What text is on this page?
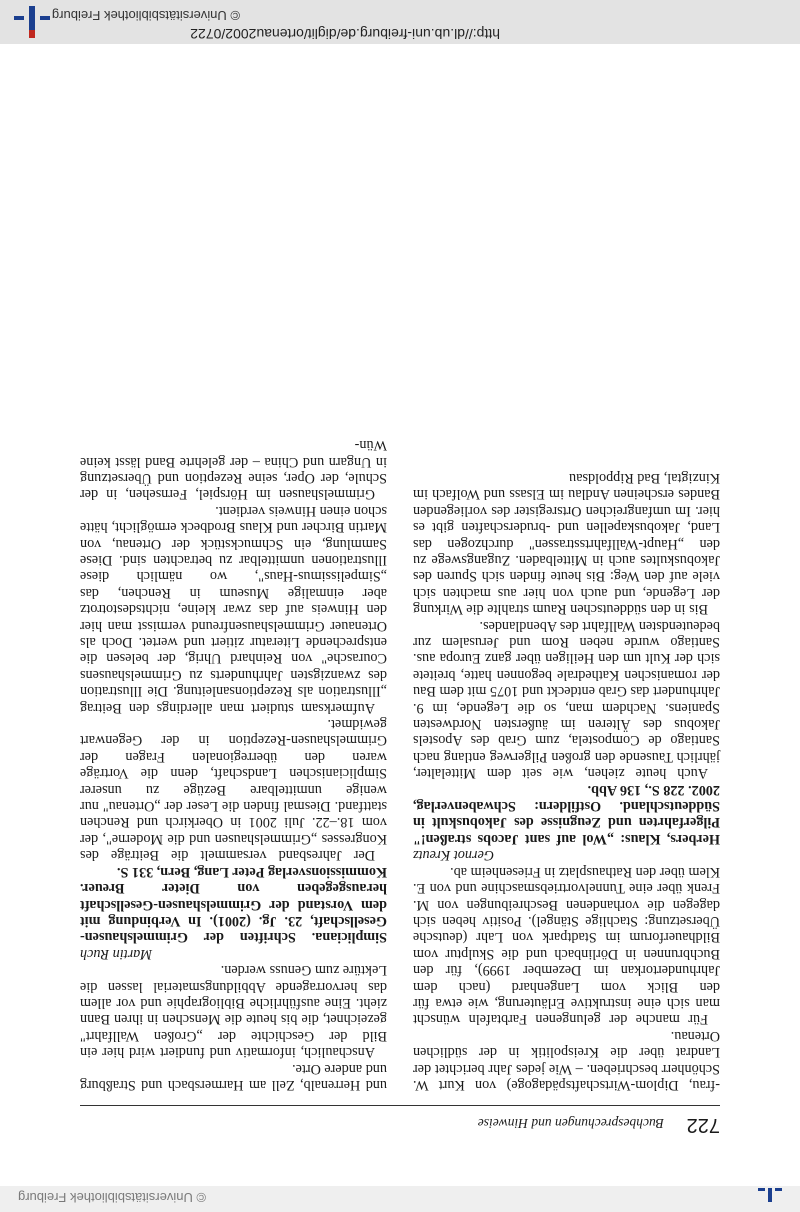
© Universitätsbibliothek Freiburg
© Universitätsbibliothek Freiburg
http://dl.ub.uni-freiburg.de/diglit/ortenau2002/0722
722
Buchbesprechungen und Hinweise

-frau, Diplom-Wirtschaftspädagoge) von Kurt W. Schönherr beschrieben. – Wie jedes Jahr berichtet der Landrat über die Kreispolitik in der südlichen Ortenau.

Für manche der gelungenen Farbtafeln wünscht man sich eine instruktive Erläuterung, wie etwa für den Blick vom Langenhard (nach dem Jahrhundertorkan im Dezember 1999), für den Buchbrunnen in Dörlinbach und die Skulptur vom Bildhauerforum im Stadtpark von Lahr (deutsche Übersetzung: Stachlige Stängel). Positiv heben sich dagegen die vorhandenen Beschreibungen von M. Frenk über eine Tunnelvortriebsmaschine und von E. Klem über den Rathausplatz in Friesenheim ab.

Gernot Kreutz

Herbers, Klaus: „Wol auf sant Jacobs straßen!" Pilgerfahrten und Zeugnisse des Jakobuskult in Süddeutschland. Ostfildern: Schwabenverlag, 2002. 228 S., 136 Abb.

Auch heute ziehen, wie seit dem Mittelalter, jährlich Tausende den großen Pilgerweg entlang nach Santiago de Compostela, zum Grab des Apostels Jakobus des Älteren im äußersten Nordwesten Spaniens. Nachdem man, so die Legende, im 9. Jahrhundert das Grab entdeckt und 1075 mit dem Bau der romanischen Kathedrale begonnen hatte, breitete sich der Kult um den Heiligen über ganz Europa aus. Santiago wurde neben Rom und Jerusalem zur bedeutendsten Wallfahrt des Abendlandes.

Bis in den süddeutschen Raum strahlte die Wirkung der Legende, und auch von hier aus machten sich viele auf den Weg: Bis heute finden sich Spuren des Jakobuskultes auch in Mittelbaden. Zugangswege zu den „Haupt-Wallfahrtsstrassen" durchzogen das Land, Jakobuskapellen und -bruderschaften gibt es hier. Im umfangreichen Ortsregister des vorliegenden Bandes erscheinen Andlau im Elsass und Wolfach im Kinzigtal, Bad Rippoldsau

und Herrenalb, Zell am Harmersbach und Straßburg und andere Orte.

Anschaulich, informativ und fundiert wird hier ein Bild der Geschichte der „Großen Wallfahrt" gezeichnet, die bis heute die Menschen in ihren Bann zieht. Eine ausführliche Bibliographie und vor allem das hervorragende Abbildungsmaterial lassen die Lektüre zum Genuss werden.

Martin Ruch

Simpliciana. Schriften der Grimmelshausen-Gesellschaft, 23. Jg. (2001). In Verbindung mit dem Vorstand der Grimmelshausen-Gesellschaft herausgegeben von Dieter Breuer. Kommissionsverlag Peter Lang, Bern, 331 S.

Der Jahresband versammelt die Beiträge des Kongresses „Grimmelshausen und die Moderne", der vom 18.–22. Juli 2001 in Oberkirch und Renchen stattfand. Diesmal finden die Leser der „Ortenau" nur wenige unmittelbare Bezüge zu unserer Simplicianischen Landschaft, denn die Vorträge waren den überregionalen Fragen der Grimmelshausen-Rezeption in der Gegenwart gewidmet.

Aufmerksam studiert man allerdings den Beitrag „Illustration als Rezeptionsanleitung. Die Illustration des zwanzigsten Jahrhunderts zu Grimmelshausens Courasche" von Reinhard Uhrig, der belesen die entsprechende Literatur zitiert und wertet. Doch als Ortenauer Grimmelshausenfreund vermisst man hier den Hinweis auf das zwar kleine, nichtsdestotrotz aber einmalige Museum in Renchen, das „Simpelissimus-Haus", wo nämlich diese Illustrationen unmittelbar zu betrachten sind. Diese Sammlung, ein Schmuckstück der Ortenau, von Martin Bircher und Klaus Brodbeck ermöglicht, hätte schon einen Hinweis verdient.

Grimmelshausen im Hörspiel, Fernsehen, in der Schule, der Oper, seine Rezeption und Übersetzung in Ungarn und China – der gelehrte Band lässt keine Wün-
